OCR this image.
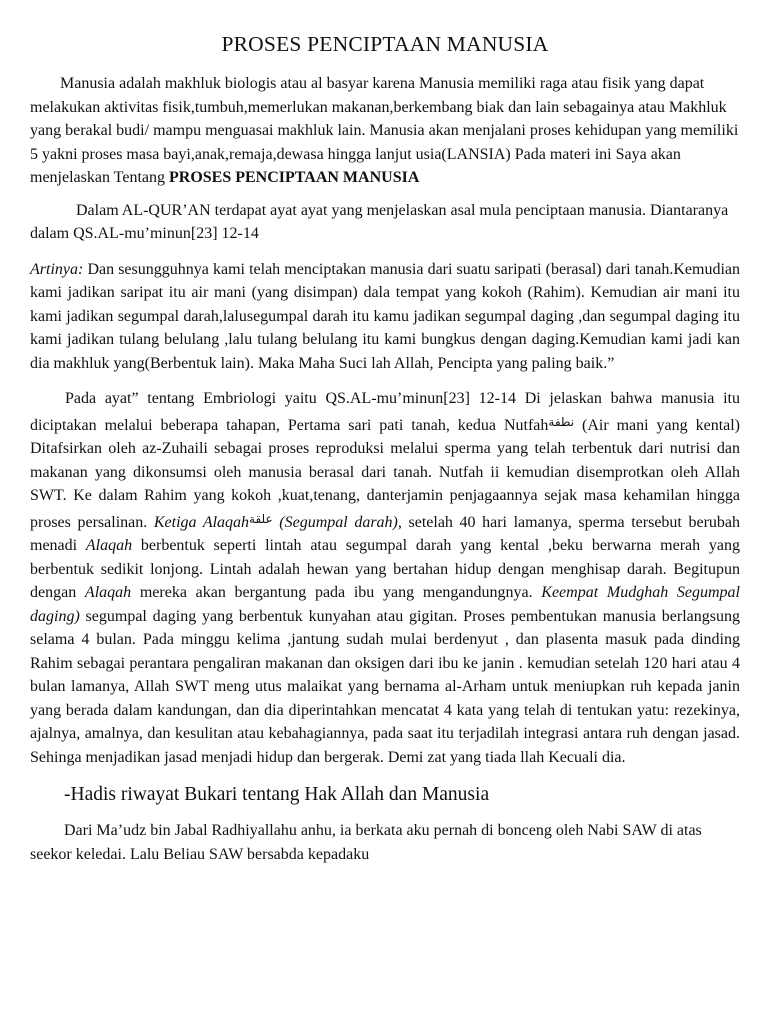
PROSES PENCIPTAAN MANUSIA

Manusia adalah makhluk biologis atau al basyar karena Manusia memiliki raga atau fisik yang dapat melakukan aktivitas fisik,tumbuh,memerlukan makanan,berkembang biak dan lain sebagainya atau Makhluk yang berakal budi/ mampu menguasai makhluk lain. Manusia akan menjalani proses kehidupan yang memiliki 5 yakni proses masa bayi,anak,remaja,dewasa hingga lanjut usia(LANSIA) Pada materi ini Saya akan menjelaskan Tentang PROSES PENCIPTAAN MANUSIA

Dalam AL-QUR’AN terdapat ayat ayat yang menjelaskan asal mula penciptaan manusia. Diantaranya dalam QS.AL-mu’minun[23] 12-14

Artinya: Dan sesungguhnya kami telah menciptakan manusia dari suatu saripati (berasal) dari tanah.Kemudian kami jadikan saripat itu air mani (yang disimpan) dala tempat yang kokoh (Rahim). Kemudian air mani itu kami jadikan segumpal darah,lalusegumpal darah itu kamu jadikan segumpal daging ,dan segumpal daging itu kami jadikan tulang belulang ,lalu tulang belulang itu kami bungkus dengan daging.Kemudian kami jadi kan dia makhluk yang(Berbentuk lain). Maka Maha Suci lah Allah, Pencipta yang paling baik.”

Pada ayat” tentang Embriologi yaitu QS.AL-mu’minun[23] 12-14 Di jelaskan bahwa manusia itu diciptakan melalui beberapa tahapan, Pertama sari pati tanah, kedua Nutfah$^{نطفة}$ (Air mani yang kental) Ditafsirkan oleh az-Zuhaili sebagai proses reproduksi melalui sperma yang telah terbentuk dari nutrisi dan makanan yang dikonsumsi oleh manusia berasal dari tanah. Nutfah ii kemudian disemprotkan oleh Allah SWT. Ke dalam Rahim yang kokoh ,kuat,tenang, danterjamin penjagaannya sejak masa kehamilan hingga proses persalinan. Ketiga Alaqah$^{علقة}$ (Segumpal darah), setelah 40 hari lamanya, sperma tersebut berubah menadi Alaqah berbentuk seperti lintah atau segumpal darah yang kental ,beku berwarna merah yang berbentuk sedikit lonjong. Lintah adalah hewan yang bertahan hidup dengan menghisap darah. Begitupun dengan Alaqah mereka akan bergantung pada ibu yang mengandungnya. Keempat Mudghah Segumpal daging) segumpal daging yang berbentuk kunyahan atau gigitan. Proses pembentukan manusia berlangsung selama 4 bulan. Pada minggu kelima ,jantung sudah mulai berdenyut , dan plasenta masuk pada dinding Rahim sebagai perantara pengaliran makanan dan oksigen dari ibu ke janin . kemudian setelah 120 hari atau 4 bulan lamanya, Allah SWT meng utus malaikat yang bernama al-Arham untuk meniupkan ruh kepada janin yang berada dalam kandungan, dan dia diperintahkan mencatat 4 kata yang telah di tentukan yatu: rezekinya, ajalnya, amalnya, dan kesulitan atau kebahagiannya, pada saat itu terjadilah integrasi antara ruh dengan jasad. Sehinga menjadikan jasad menjadi hidup dan bergerak. Demi zat yang tiada llah Kecuali dia.

-Hadis riwayat Bukari tentang Hak Allah dan Manusia

Dari Ma’udz bin Jabal Radhiyallahu anhu, ia berkata aku pernah di bonceng oleh Nabi SAW di atas seekor keledai. Lalu Beliau SAW bersabda kepadaku
